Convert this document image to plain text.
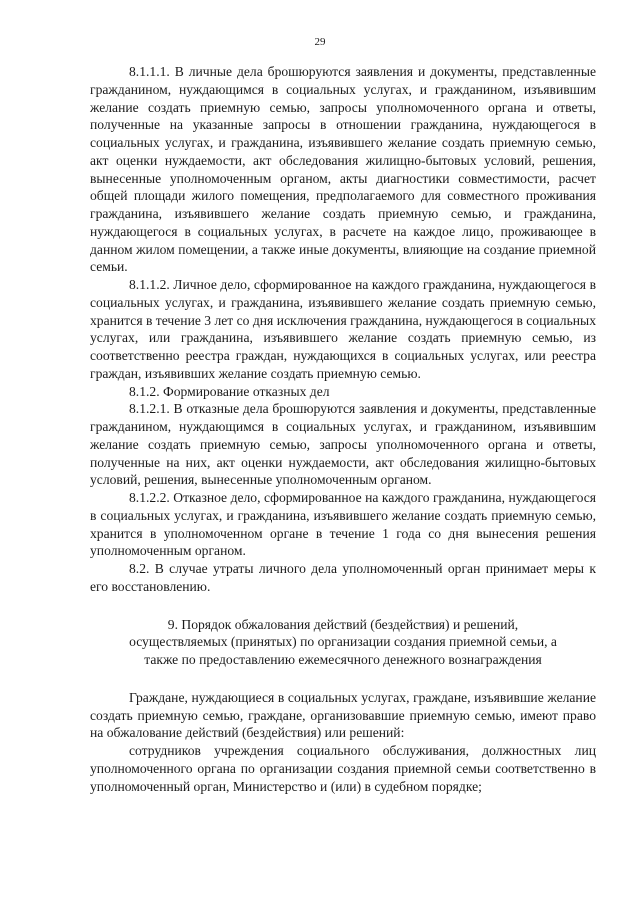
29

8.1.1.1. В личные дела брошюруются заявления и документы, представленные гражданином, нуждающимся в социальных услугах, и гражданином, изъявившим желание создать приемную семью, запросы уполномоченного органа и ответы, полученные на указанные запросы в отношении гражданина, нуждающегося в социальных услугах, и гражданина, изъявившего желание создать приемную семью, акт оценки нуждаемости, акт обследования жилищно-бытовых условий, решения, вынесенные уполномоченным органом, акты диагностики совместимости, расчет общей площади жилого помещения, предполагаемого для совместного проживания гражданина, изъявившего желание создать приемную семью, и гражданина, нуждающегося в социальных услугах, в расчете на каждое лицо, проживающее в данном жилом помещении, а также иные документы, влияющие на создание приемной семьи.

8.1.1.2. Личное дело, сформированное на каждого гражданина, нуждающегося в социальных услугах, и гражданина, изъявившего желание создать приемную семью, хранится в течение 3 лет со дня исключения гражданина, нуждающегося в социальных услугах, или гражданина, изъявившего желание создать приемную семью, из соответственно реестра граждан, нуждающихся в социальных услугах, или реестра граждан, изъявивших желание создать приемную семью.

8.1.2. Формирование отказных дел

8.1.2.1. В отказные дела брошюруются заявления и документы, представленные гражданином, нуждающимся в социальных услугах, и гражданином, изъявившим желание создать приемную семью, запросы уполномоченного органа и ответы, полученные на них, акт оценки нуждаемости, акт обследования жилищно-бытовых условий, решения, вынесенные уполномоченным органом.

8.1.2.2. Отказное дело, сформированное на каждого гражданина, нуждающегося в социальных услугах, и гражданина, изъявившего желание создать приемную семью, хранится в уполномоченном органе в течение 1 года со дня вынесения решения уполномоченным органом.

8.2. В случае утраты личного дела уполномоченный орган принимает меры к его восстановлению.

9. Порядок обжалования действий (бездействия) и решений,
осуществляемых (принятых) по организации создания приемной семьи, а
также по предоставлению ежемесячного денежного вознаграждения

Граждане, нуждающиеся в социальных услугах, граждане, изъявившие желание создать приемную семью, граждане, организовавшие приемную семью, имеют право на обжалование действий (бездействия) или решений:

сотрудников учреждения социального обслуживания, должностных лиц уполномоченного органа по организации создания приемной семьи соответственно в уполномоченный орган, Министерство и (или) в судебном порядке;
